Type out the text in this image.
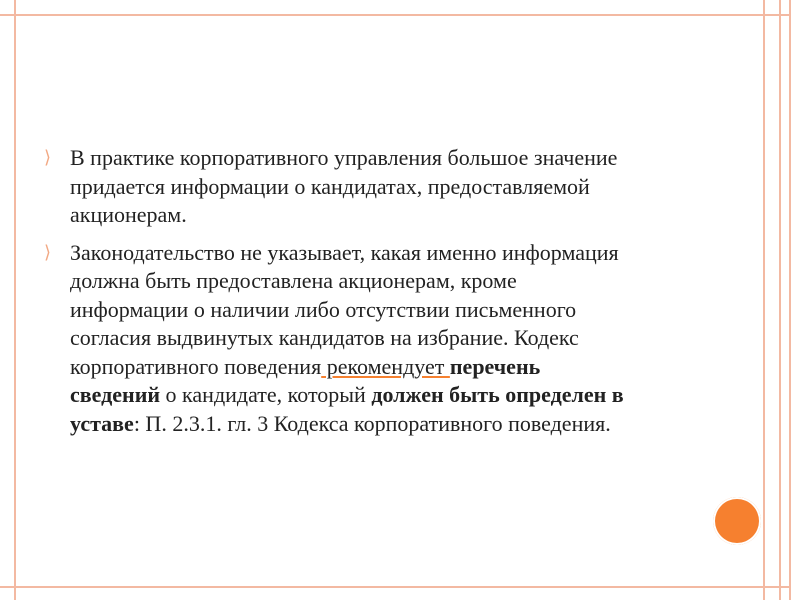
⟩ В практике корпоративного управления большое значение придается информации о кандидатах, предоставляемой акционерам.
⟩ Законодательство не указывает, какая именно информация должна быть предоставлена акционерам, кроме информации о наличии либо отсутствии письменного согласия выдвинутых кандидатов на избрание. Кодекс корпоративного поведения рекомендует перечень сведений о кандидате, который должен быть определен в уставе: П. 2.3.1. гл. 3 Кодекса корпоративного поведения.
